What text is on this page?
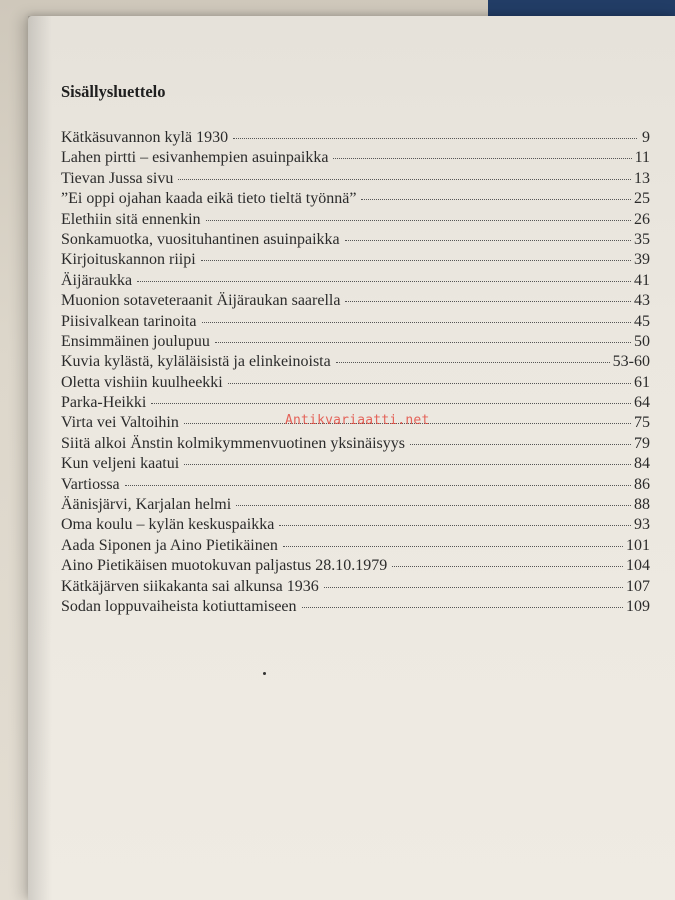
Sisällysluettelo
Kätkäsuvannon kylä 1930	9
Lahen pirtti – esivanhempien asuinpaikka	11
Tievan Jussa sivu	13
”Ei oppi ojahan kaada eikä tieto tieltä työnnä”	25
Elethiin sitä ennenkin	26
Sonkamuotka, vuosituhantinen asuinpaikka	35
Kirjoituskannon riipi	39
Äijäraukka	41
Muonion sotaveteraanit Äijäraukan saarella	43
Piisivalkean tarinoita	45
Ensimmäinen joulupuu	50
Kuvia kylästä, kyläläisistä ja elinkeinoista	53-60
Oletta vishiin kuulheekki	61
Parka-Heikki	64
Virta vei Valtoihin	75
Siitä alkoi Änstin kolmikymmenvuotinen yksinäisyys	79
Kun veljeni kaatui	84
Vartiossa	86
Äänisjärvi, Karjalan helmi	88
Oma koulu – kylän keskuspaikka	93
Aada Siponen ja Aino Pietikäinen	101
Aino Pietikäisen muotokuvan paljastus 28.10.1979	104
Kätkäjärven siikakanta sai alkunsa 1936	107
Sodan loppuvaiheista kotiuttamiseen	109
Antikvariaatti.net
